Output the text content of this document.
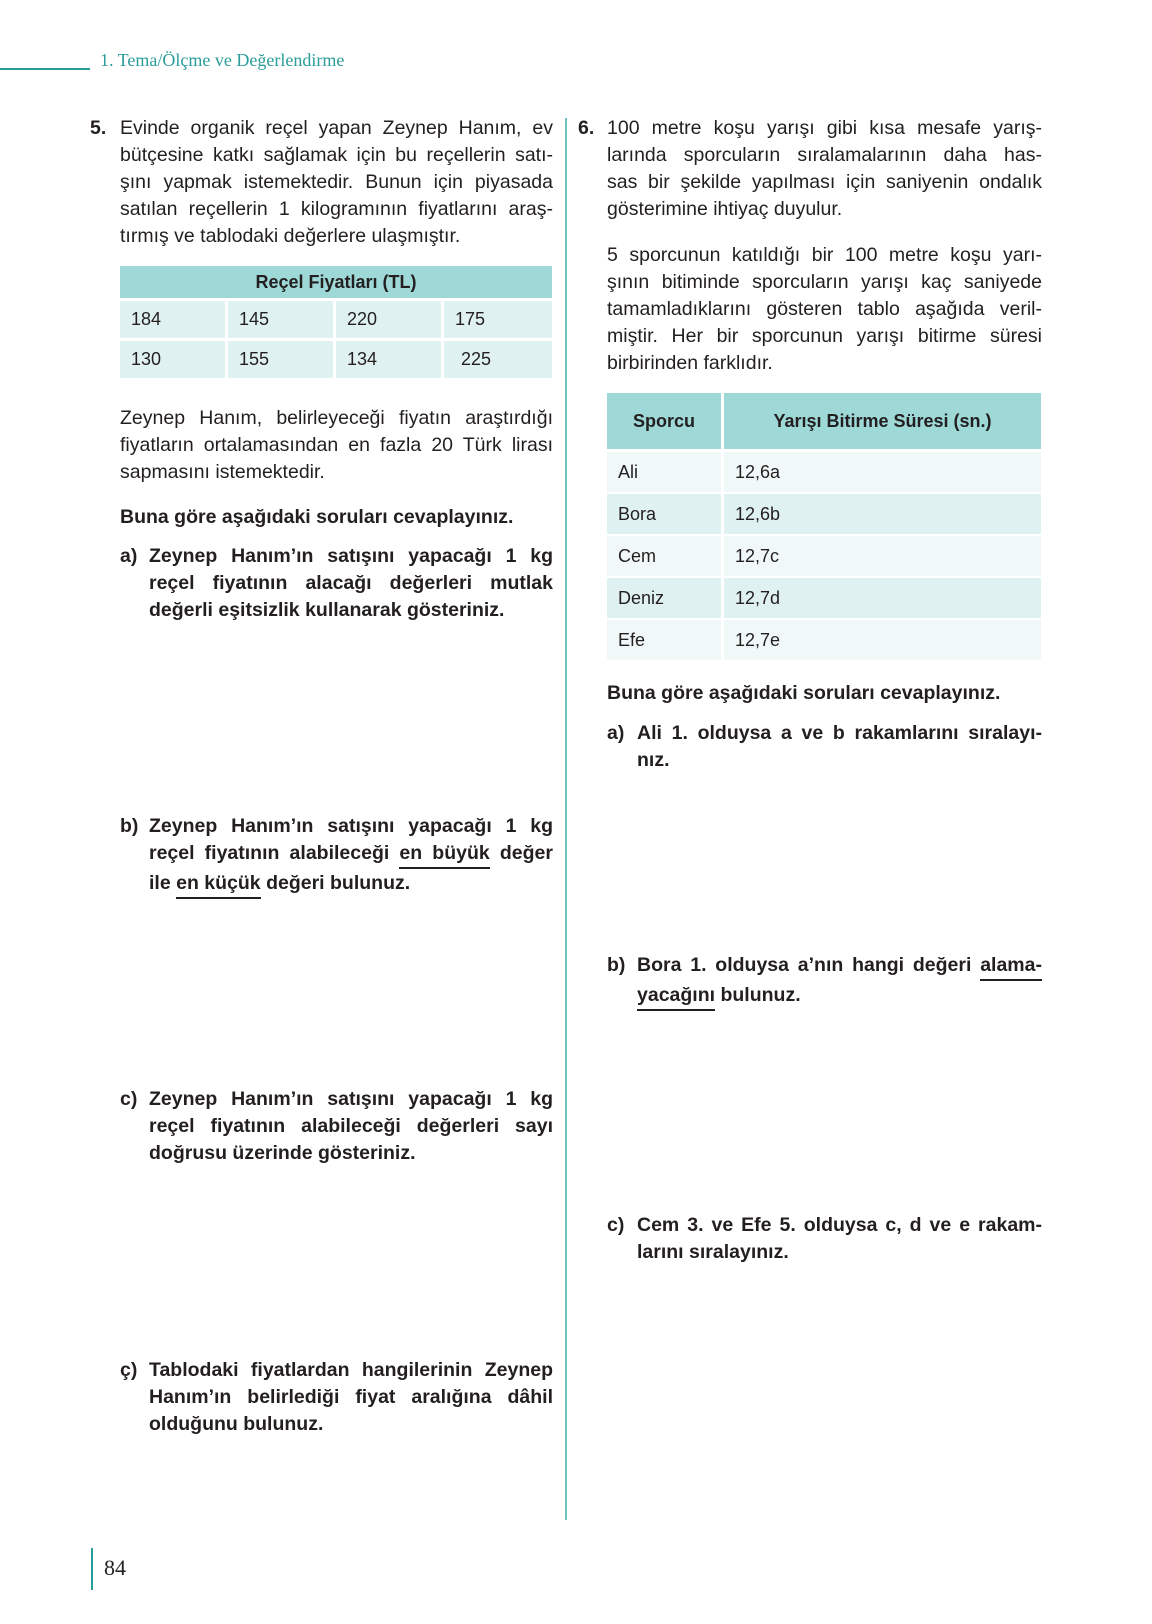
1. Tema/Ölçme ve Değerlendirme
5. Evinde organik reçel yapan Zeynep Hanım, ev
bütçesine katkı sağlamak için bu reçellerin satı-
şını yapmak istemektedir. Bunun için piyasada
satılan reçellerin 1 kilogramının fiyatlarını araş-
tırmış ve tablodaki değerlere ulaşmıştır.
Reçel Fiyatları (TL)			
184	145	220	175
130	155	134	225
Zeynep Hanım, belirleyeceği fiyatın araştırdığı
fiyatların ortalamasından en fazla 20 Türk lirası
sapmasını istemektedir.
Buna göre aşağıdaki soruları cevaplayınız.
a) Zeynep Hanım’ın satışını yapacağı 1 kg
reçel fiyatının alacağı değerleri mutlak
değerli eşitsizlik kullanarak gösteriniz.
b) Zeynep Hanım’ın satışını yapacağı 1 kg
reçel fiyatının alabileceği en büyük değer
ile en küçük değeri bulunuz.
c) Zeynep Hanım’ın satışını yapacağı 1 kg
reçel fiyatının alabileceği değerleri sayı
doğrusu üzerinde gösteriniz.
ç) Tablodaki fiyatlardan hangilerinin Zeynep
Hanım’ın belirlediği fiyat aralığına dâhil
olduğunu bulunuz.
6. 100 metre koşu yarışı gibi kısa mesafe yarış-
larında sporcuların sıralamalarının daha has-
sas bir şekilde yapılması için saniyenin ondalık
gösterimine ihtiyaç duyulur.
5 sporcunun katıldığı bir 100 metre koşu yarı-
şının bitiminde sporcuların yarışı kaç saniyede
tamamladıklarını gösteren tablo aşağıda veril-
miştir. Her bir sporcunun yarışı bitirme süresi
birbirinden farklıdır.
Sporcu	Yarışı Bitirme Süresi (sn.)
Ali	12,6a
Bora	12,6b
Cem	12,7c
Deniz	12,7d
Efe	12,7e
Buna göre aşağıdaki soruları cevaplayınız.
a) Ali 1. olduysa a ve b rakamlarını sıralayı-
nız.
b) Bora 1. olduysa a’nın hangi değeri alama-
yacağını bulunuz.
c) Cem 3. ve Efe 5. olduysa c, d ve e rakam-
larını sıralayınız.
84
